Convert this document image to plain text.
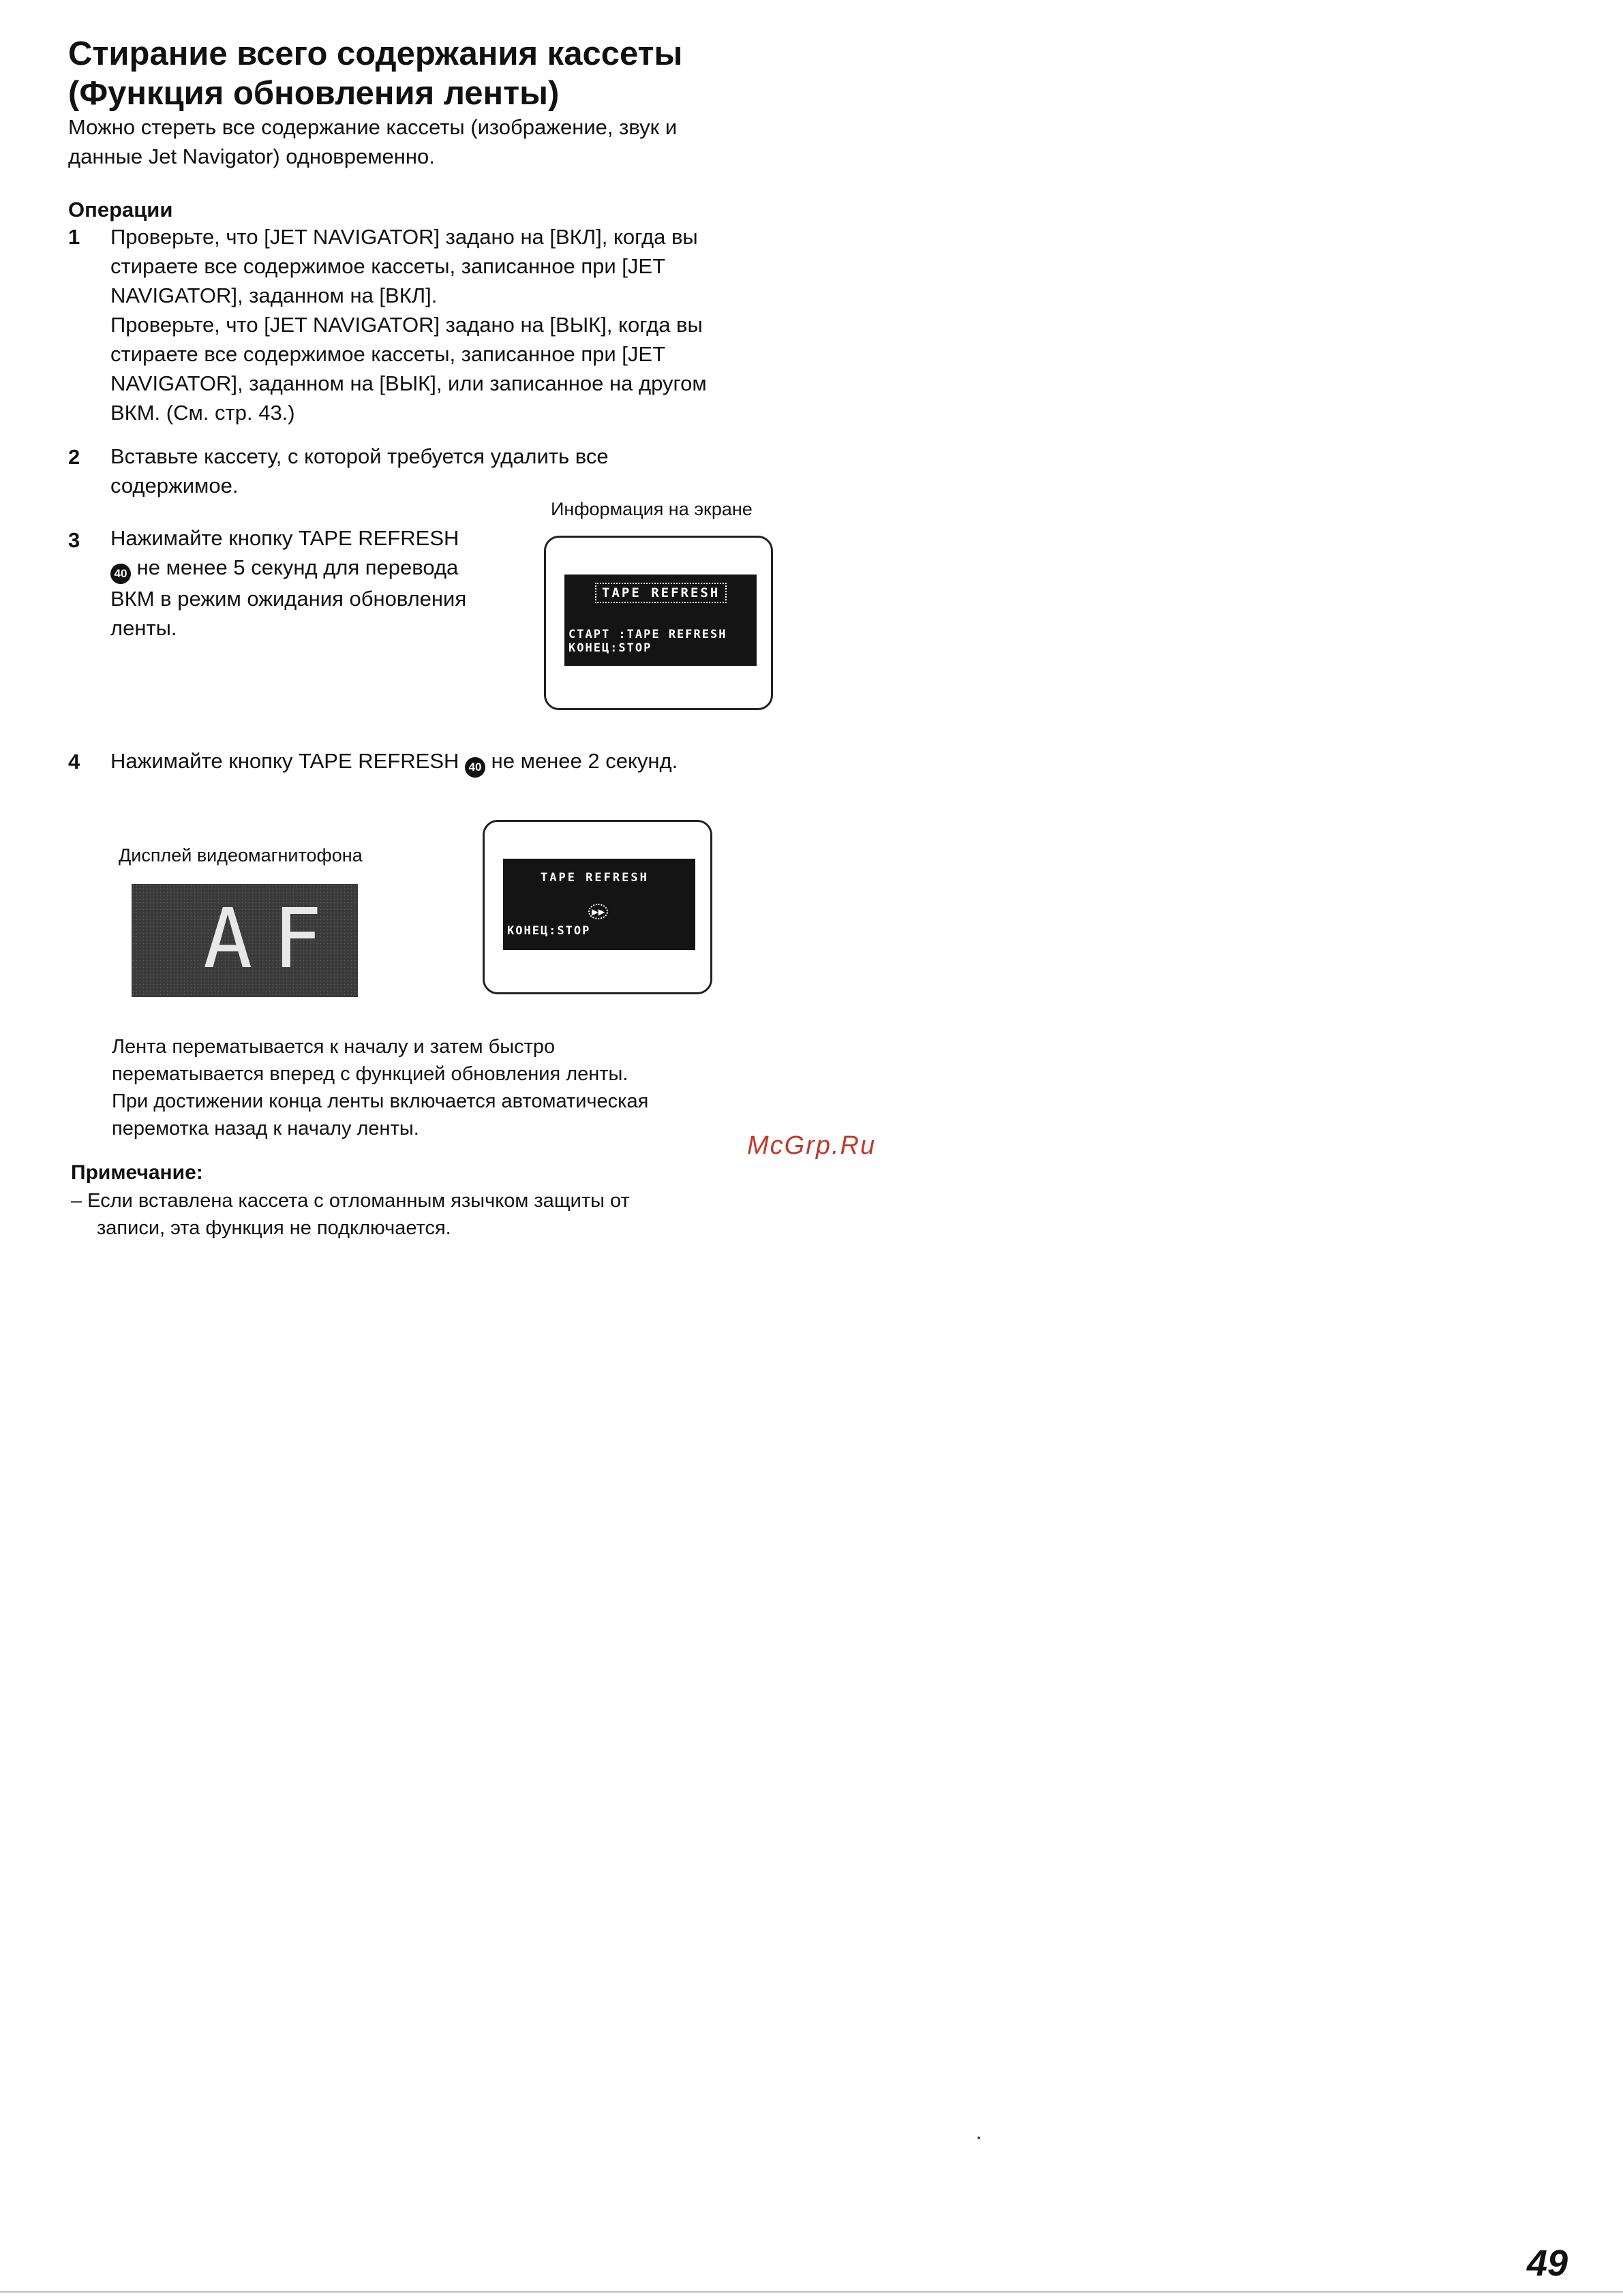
Стирание всего содержания кассеты
(Функция обновления ленты)
Можно стереть все содержание кассеты (изображение, звук и
данные Jet Navigator) одновременно.
Операции
1 Проверьте, что [JET NAVIGATOR] задано на [ВКЛ], когда вы
стираете все содержимое кассеты, записанное при [JET
NAVIGATOR], заданном на [ВКЛ].
Проверьте, что [JET NAVIGATOR] задано на [ВЫК], когда вы
стираете все содержимое кассеты, записанное при [JET
NAVIGATOR], заданном на [ВЫК], или записанное на другом
ВКМ. (См. стр. 43.)
2 Вставьте кассету, с которой требуется удалить все
содержимое.
Информация на экране
3 Нажимайте кнопку TAPE REFRESH
40 не менее 5 секунд для перевода
ВКМ в режим ожидания обновления
ленты.
TAPE REFRESH
СТАРТ :TAPE REFRESH
КОНЕЦ:STOP
4 Нажимайте кнопку TAPE REFRESH 40 не менее 2 секунд.
Дисплей видеомагнитофона
AF
TAPE REFRESH
▶▶
КОНЕЦ:STOP
Лента перематывается к началу и затем быстро
перематывается вперед с функцией обновления ленты.
При достижении конца ленты включается автоматическая
перемотка назад к началу ленты.
McGrp.Ru
Примечание:
– Если вставлена кассета с отломанным язычком защиты от
запиcи, эта функция не подключается.
49
